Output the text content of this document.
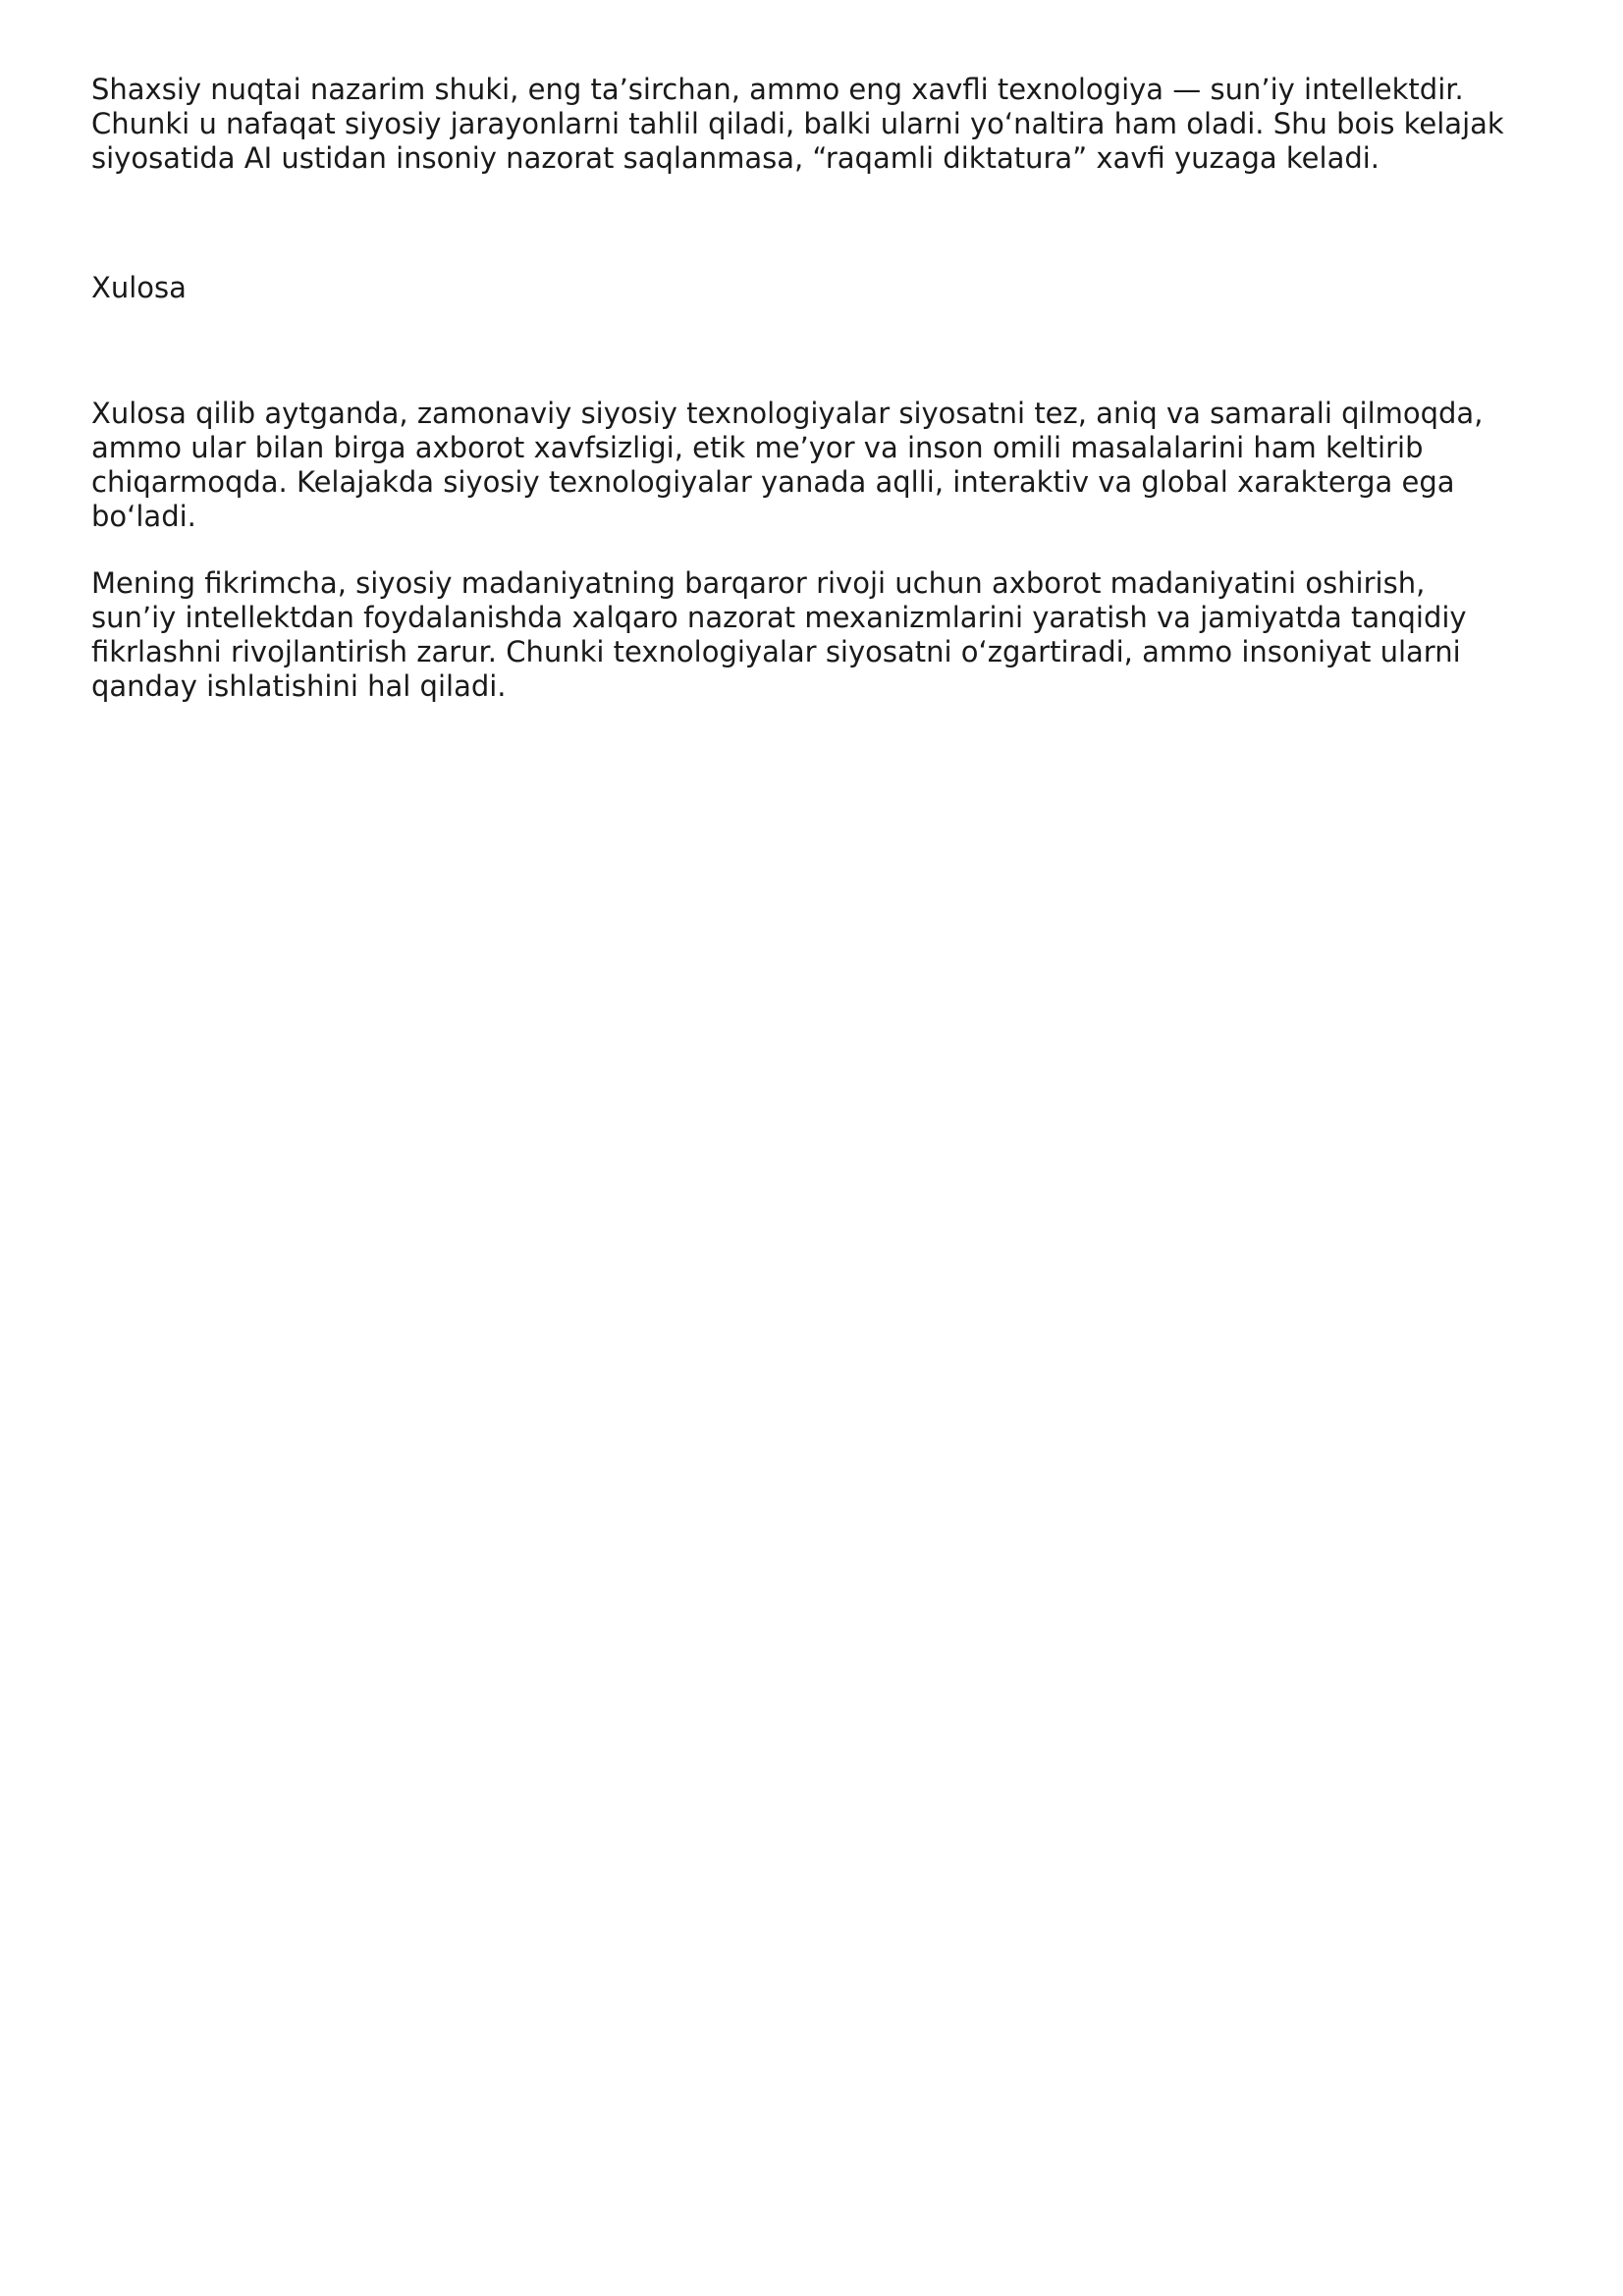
Shaxsiy nuqtai nazarim shuki, eng ta’sirchan, ammo eng xavfli texnologiya — sun’iy intellektdir.
Chunki u nafaqat siyosiy jarayonlarni tahlil qiladi, balki ularni yoʻnaltira ham oladi. Shu bois kelajak
siyosatida AI ustidan insoniy nazorat saqlanmasa, “raqamli diktatura” xavfi yuzaga keladi.

Xulosa

Xulosa qilib aytganda, zamonaviy siyosiy texnologiyalar siyosatni tez, aniq va samarali qilmoqda,
ammo ular bilan birga axborot xavfsizligi, etik me’yor va inson omili masalalarini ham keltirib
chiqarmoqda. Kelajakda siyosiy texnologiyalar yanada aqlli, interaktiv va global xarakterga ega
boʻladi.

Mening fikrimcha, siyosiy madaniyatning barqaror rivoji uchun axborot madaniyatini oshirish,
sun’iy intellektdan foydalanishda xalqaro nazorat mexanizmlarini yaratish va jamiyatda tanqidiy
fikrlashni rivojlantirish zarur. Chunki texnologiyalar siyosatni oʻzgartiradi, ammo insoniyat ularni
qanday ishlatishini hal qiladi.
